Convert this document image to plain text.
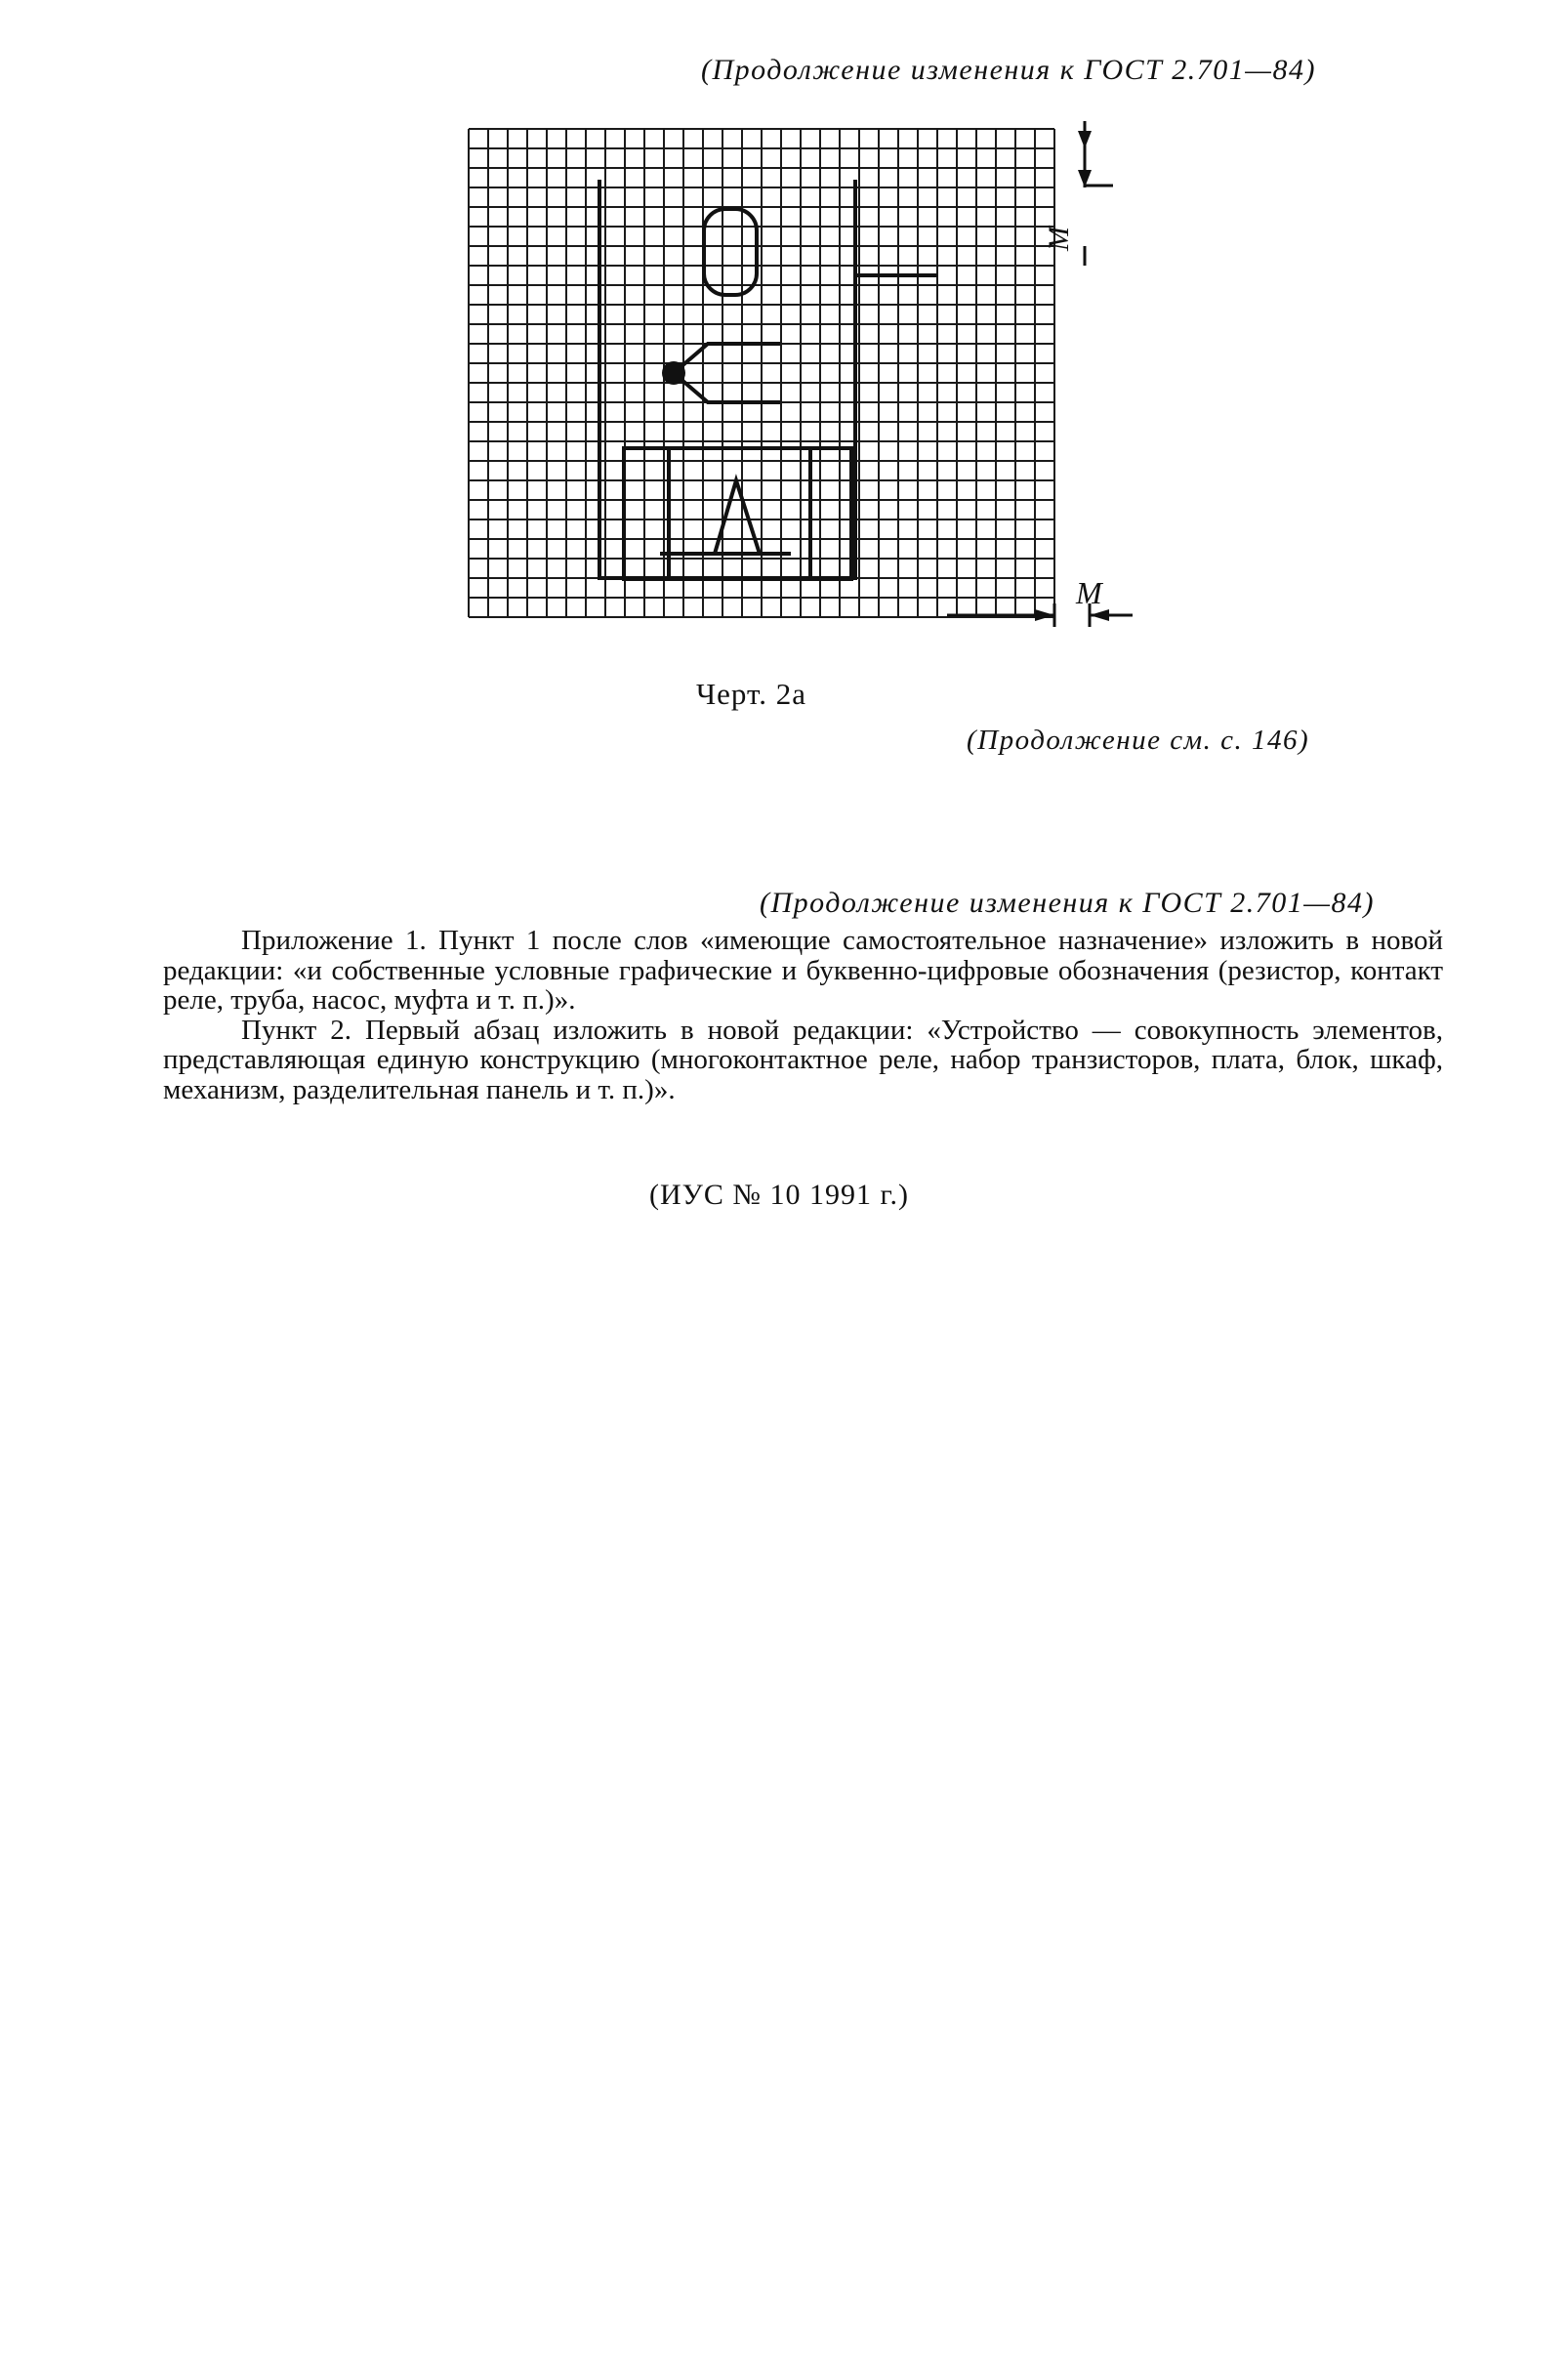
(Продолжение изменения к ГОСТ 2.701—84)
М
М
Черт. 2а
(Продолжение см. с. 146)
(Продолжение изменения к ГОСТ 2.701—84)

Приложение 1. Пункт 1 после слов «имеющие самостоятельное назначение» изложить в новой редакции: «и собственные условные графические и буквенно-цифровые обозначения (резистор, контакт реле, труба, насос, муфта и т. п.)».

Пункт 2. Первый абзац изложить в новой редакции: «Устройство — совокупность элементов, представляющая единую конструкцию (многоконтактное реле, набор транзисторов, плата, блок, шкаф, механизм, разделительная панель и т. п.)».

(ИУС № 10 1991 г.)
